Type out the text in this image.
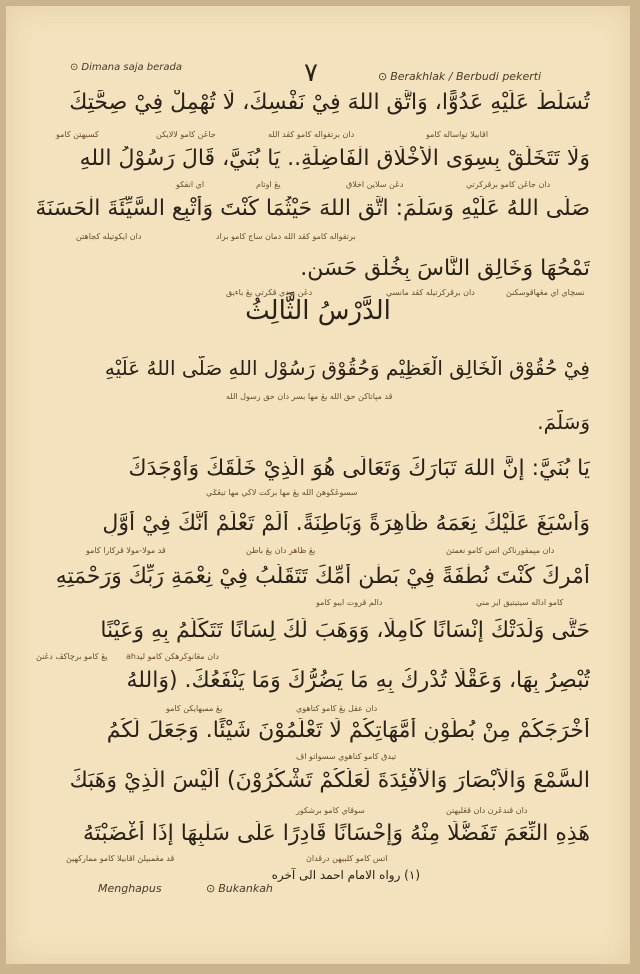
⊙ Dimana saja berada	٧	⊙ Berakhlak / Berbudi pekerti
تُسَلِّطُ عَلَيْهِ عَدُوًّا، وَاتَّقِ اللهَ فِيْ نَفْسِكَ، لَا تُهْمِلْ فِيْ صِحَّتِكَ
وَلَا تَتَخَلَّقْ بِسِوَى الْأَخْلَاقِ الْفَاضِلَةِ.. يَا بُنَيَّ، قَالَ رَسُوْلُ اللهِ
صَلَّى اللهُ عَلَيْهِ وَسَلَّمَ: اتَّقِ اللهَ حَيْثُمَا كُنْتَ وَأَتْبِعِ السَّيِّئَةَ الْحَسَنَةَ
تَمْحُهَا وَخَالِقِ النَّاسَ بِخُلُقٍ حَسَنٍ.
الدَّرْسُ الثَّالِثُ
فِيْ حُقُوْقِ الْخَالِقِ الْعَظِيْمِ وَحُقُوْقِ رَسُوْلِ اللهِ صَلَّى اللهُ عَلَيْهِ
وَسَلَّمَ.
يَا بُنَيَّ: إِنَّ اللهَ تَبَارَكَ وَتَعَالَى هُوَ الَّذِيْ خَلَقَكَ وَأَوْجَدَكَ
وَأَسْبَغَ عَلَيْكَ نِعَمَهُ ظَاهِرَةً وَبَاطِنَةً. أَلَمْ تَعْلَمْ أَنَّكَ فِيْ أَوَّلِ
أَمْرِكَ كُنْتَ نُطْفَةً فِيْ بَطْنِ أُمِّكَ تَتَقَلَّبُ فِيْ نِعْمَةِ رَبِّكَ وَرَحْمَتِهِ
حَتَّى وَلَدَتْكَ إِنْسَانًا كَامِلًا، وَوَهَبَ لَكَ لِسَانًا تَتَكَلَّمُ بِهِ وَعَيْنًا
تُبْصِرُ بِهَا، وَعَقْلًا تُدْرِكُ بِهِ مَا يَضُرُّكَ وَمَا يَنْفَعُكَ. (وَاللهُ
أَخْرَجَكُمْ مِنْ بُطُوْنِ أُمَّهَاتِكُمْ لَا تَعْلَمُوْنَ شَيْئًا. وَجَعَلَ لَكُمُ
السَّمْعَ وَالْأَبْصَارَ وَالْأَفْئِدَةَ لَعَلَّكُمْ تَشْكُرُوْنَ) أَلَيْسَ الَّذِيْ وَهَبَكَ
هَذِهِ النِّعَمَ تَفَضُّلًا مِنْهُ وَإِحْسَانًا قَادِرًا عَلَى سَلْبِهَا إِذَا أَغْضَبْتَهُ
(١) رواه الامام احمد الى آخره
Menghapus	⊙ Bukankah
اڤابيلا تواساله كامو
دان برتقواله كامو كڤد الله
جاڠن كامو لالايكن
كسيهتن كامو
دان جاڠن كامو برڤركرتي
دڠن سلاين اخلاق
يڠ اوتام
اي انقكو
برتقواله كامو كڤد الله دمان ساج كامو براد
دان ايكوتيله كجاهتن
نسچاي اي مڠهاڤوسكنڽ
دان برڤركرتيله كڤد مانسي
دڠن بودي ڤكرتي يڠ باءيق
ڤد مڽاتاكن حق الله يڠ مها بسر دان حق رسول الله
سسوڠڬوهڽ الله يڠ مها بركت لاڬي مها تيڠݢي
دان مڽمڤورناكن اتس كامو نعمتڽ
يڠ ظاهر دان يڠ باطن
ڤد مولا-مولا ڤركارا كامو
كامو اداله سيتيتيق اير مني
دالم ڤروت ايبو كامو
دان مڠانوڬرهكن كامو ليدah
يڠ كامو برچاكڤ دڠنڽ
دان عقل يڠ كامو كتاهوي
يڠ ممبهايكن كامو
تيدق كامو كتاهوي سسواتو اڤ
سوڤاي كامو برشكور	دان ڤندڠرن دان ڤڠليهتن
اتس كامو كلبيهن درڤداڽ
ڤد مڠمبيلڽ اڤابيلا كامو مماركهيڽ
